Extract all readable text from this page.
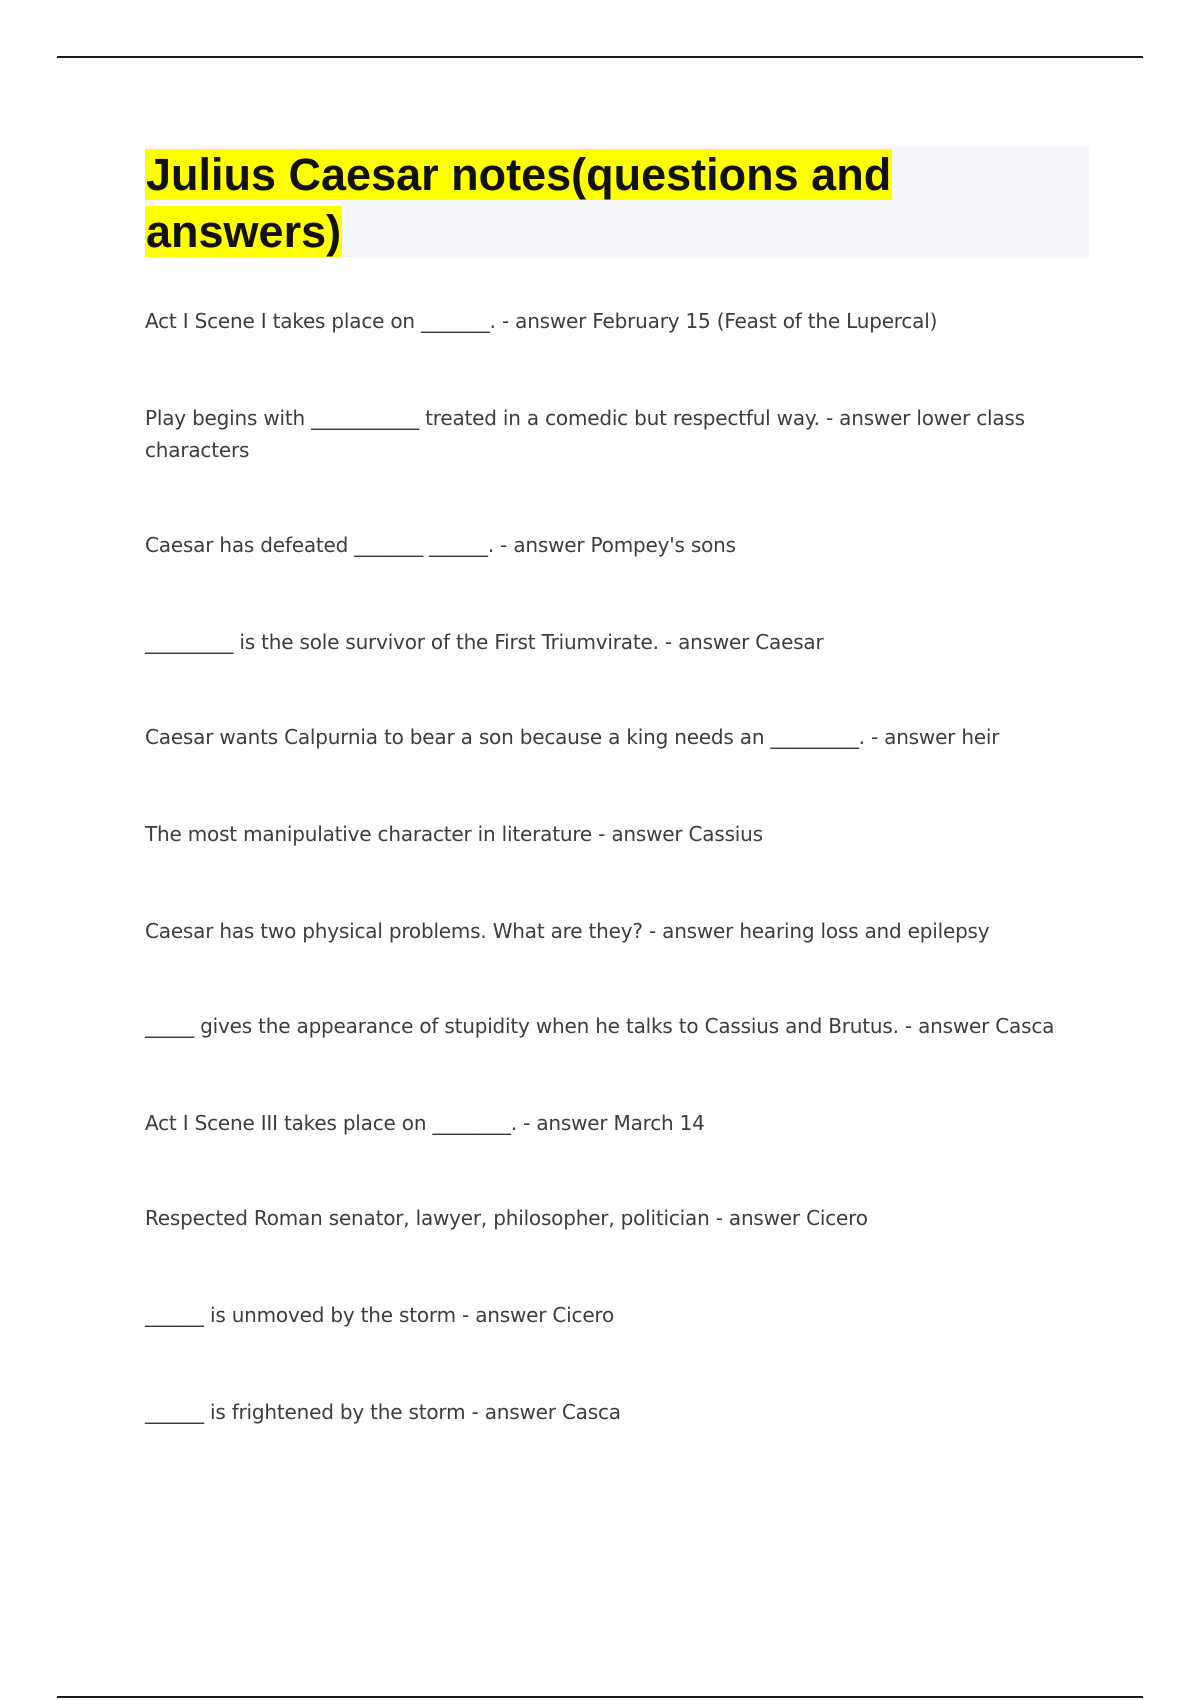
Julius Caesar notes(questions and answers)
Act I Scene I takes place on _______. - answer February 15 (Feast of the Lupercal)
Play begins with ___________ treated in a comedic but respectful way. - answer lower class characters
Caesar has defeated _______ ______. - answer Pompey's sons
_________ is the sole survivor of the First Triumvirate. - answer Caesar
Caesar wants Calpurnia to bear a son because a king needs an _________. - answer heir
The most manipulative character in literature - answer Cassius
Caesar has two physical problems. What are they? - answer hearing loss and epilepsy
_____ gives the appearance of stupidity when he talks to Cassius and Brutus. - answer Casca
Act I Scene III takes place on ________. - answer March 14
Respected Roman senator, lawyer, philosopher, politician - answer Cicero
______ is unmoved by the storm - answer Cicero
______ is frightened by the storm - answer Casca
